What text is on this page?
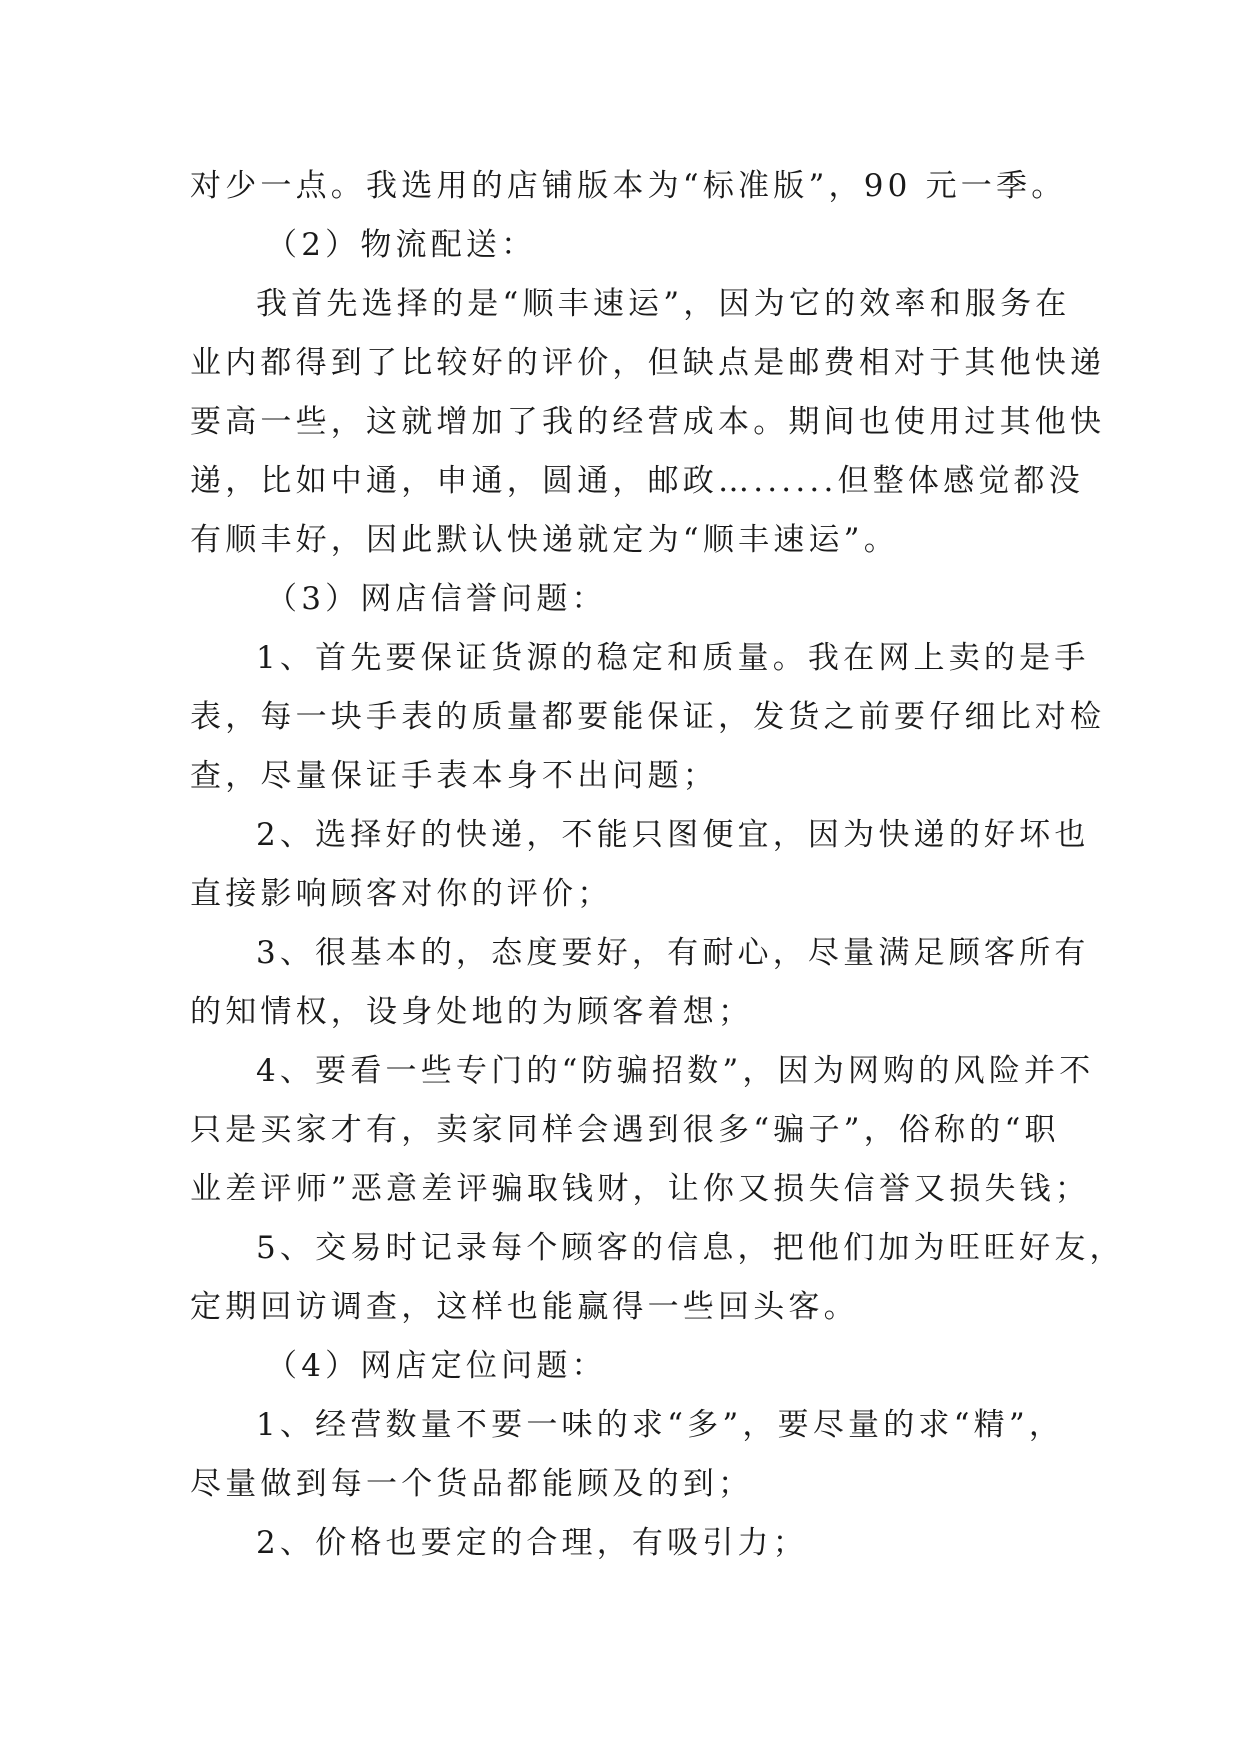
对少一点。我选用的店铺版本为“标准版”，90 元一季。
（2）物流配送：
我首先选择的是“顺丰速运”，因为它的效率和服务在
业内都得到了比较好的评价，但缺点是邮费相对于其他快递
要高一些，这就增加了我的经营成本。期间也使用过其他快
递，比如中通，申通，圆通，邮政…......但整体感觉都没
有顺丰好，因此默认快递就定为“顺丰速运”。
（3）网店信誉问题：
1、首先要保证货源的稳定和质量。我在网上卖的是手
表，每一块手表的质量都要能保证，发货之前要仔细比对检
查，尽量保证手表本身不出问题；
2、选择好的快递，不能只图便宜，因为快递的好坏也
直接影响顾客对你的评价；
3、很基本的，态度要好，有耐心，尽量满足顾客所有
的知情权，设身处地的为顾客着想；
4、要看一些专门的“防骗招数”，因为网购的风险并不
只是买家才有，卖家同样会遇到很多“骗子”，俗称的“职
业差评师”恶意差评骗取钱财，让你又损失信誉又损失钱；
5、交易时记录每个顾客的信息，把他们加为旺旺好友，
定期回访调查，这样也能赢得一些回头客。
（4）网店定位问题：
1、经营数量不要一味的求“多”，要尽量的求“精”，
尽量做到每一个货品都能顾及的到；
2、价格也要定的合理，有吸引力；
